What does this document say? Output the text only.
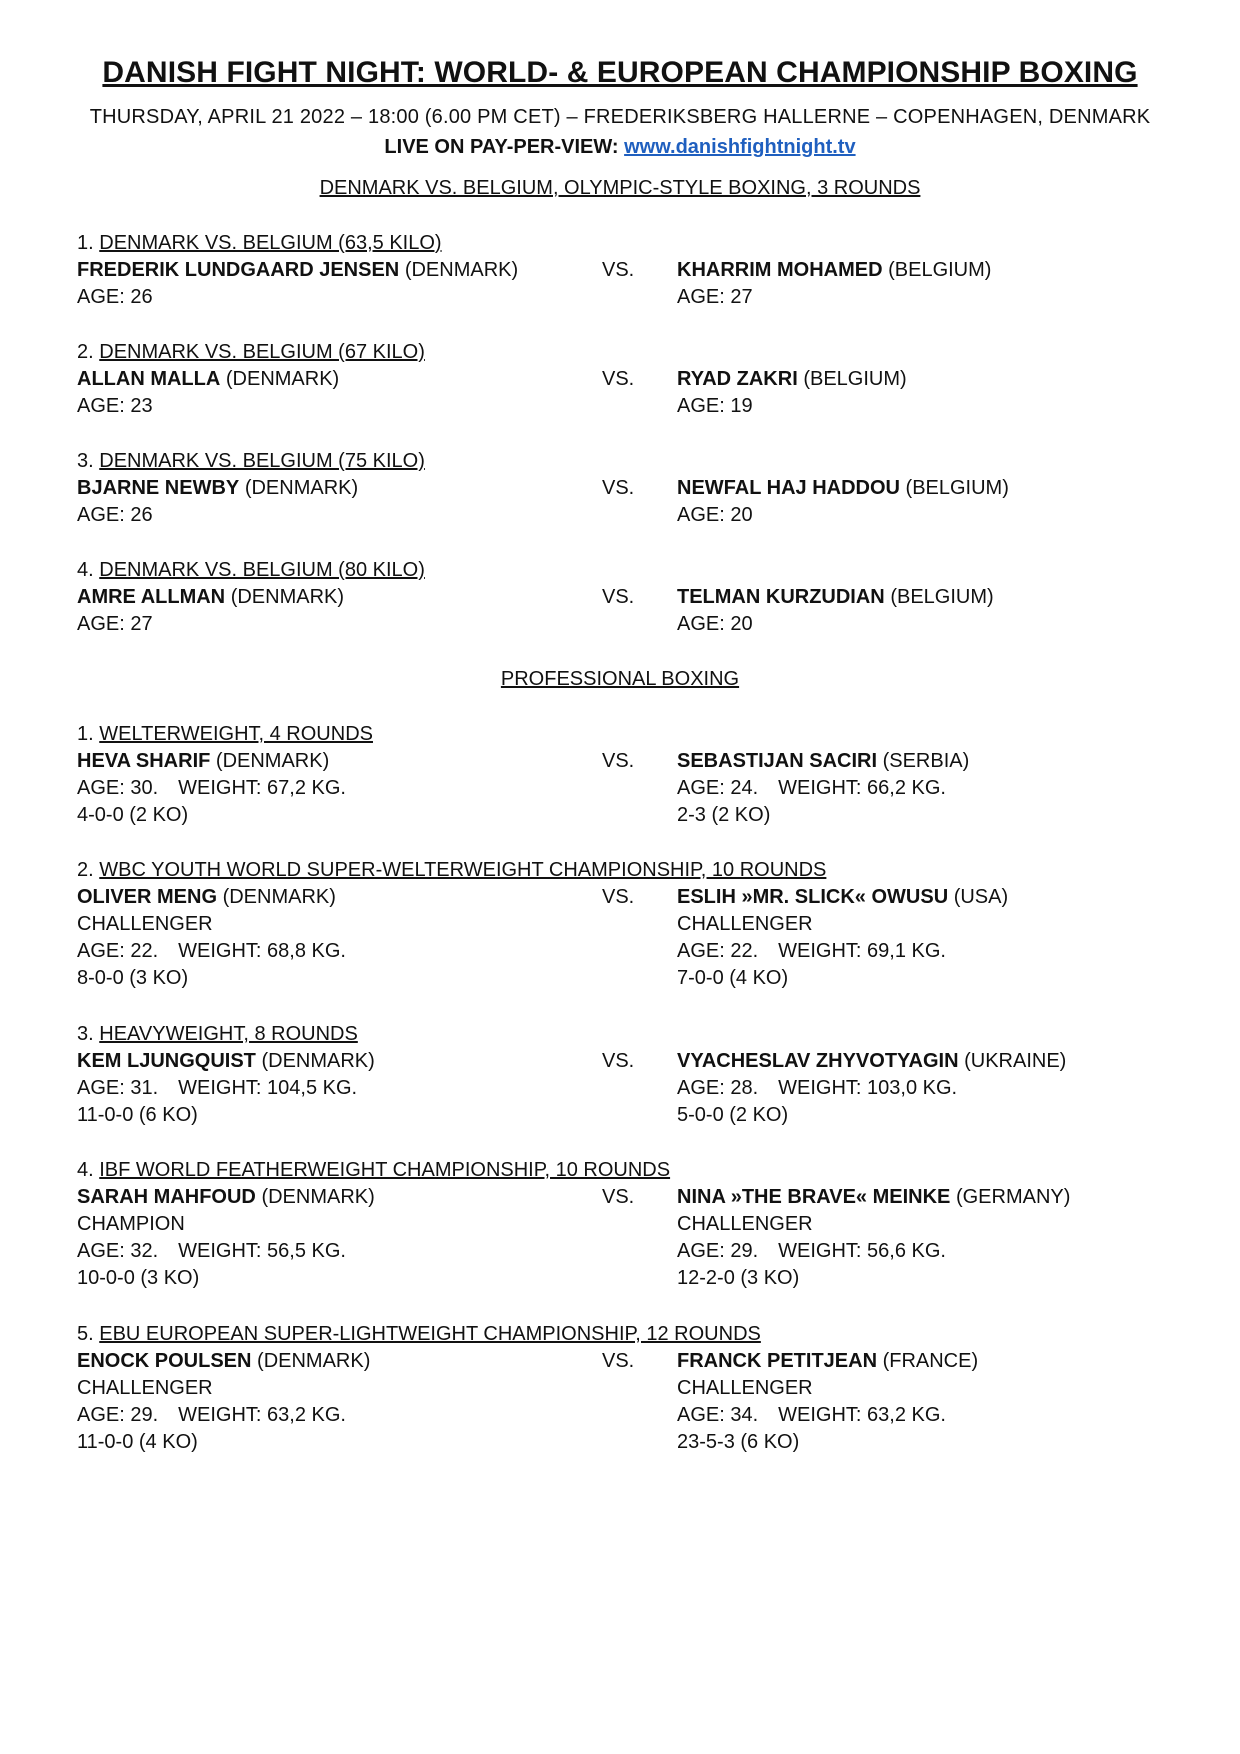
DANISH FIGHT NIGHT: WORLD- & EUROPEAN CHAMPIONSHIP BOXING
THURSDAY, APRIL 21 2022 – 18:00 (6.00 PM CET) – FREDERIKSBERG HALLERNE – COPENHAGEN, DENMARK
LIVE ON PAY-PER-VIEW: www.danishfightnight.tv
DENMARK VS. BELGIUM, OLYMPIC-STYLE BOXING, 3 ROUNDS
1. DENMARK VS. BELGIUM (63,5 KILO)
FREDERIK LUNDGAARD JENSEN (DENMARK)	VS. KHARRIM MOHAMED (BELGIUM)
AGE: 26	AGE: 27
2. DENMARK VS. BELGIUM (67 KILO)
ALLAN MALLA (DENMARK)	VS. RYAD ZAKRI (BELGIUM)
AGE: 23	AGE: 19
3. DENMARK VS. BELGIUM (75 KILO)
BJARNE NEWBY (DENMARK)	VS. NEWFAL HAJ HADDOU (BELGIUM)
AGE: 26	AGE: 20
4. DENMARK VS. BELGIUM (80 KILO)
AMRE ALLMAN (DENMARK)	VS. TELMAN KURZUDIAN (BELGIUM)
AGE: 27	AGE: 20
PROFESSIONAL BOXING
1. WELTERWEIGHT, 4 ROUNDS
HEVA SHARIF (DENMARK)	VS. SEBASTIJAN SACIRI (SERBIA)
AGE: 30. WEIGHT: 67,2 KG.	AGE: 24. WEIGHT: 66,2 KG.
4-0-0 (2 KO)	2-3 (2 KO)
2. WBC YOUTH WORLD SUPER-WELTERWEIGHT CHAMPIONSHIP, 10 ROUNDS
OLIVER MENG (DENMARK)	VS. ESLIH »MR. SLICK« OWUSU (USA)
CHALLENGER	CHALLENGER
AGE: 22. WEIGHT: 68,8 KG.	AGE: 22. WEIGHT: 69,1 KG.
8-0-0 (3 KO)	7-0-0 (4 KO)
3. HEAVYWEIGHT, 8 ROUNDS
KEM LJUNGQUIST (DENMARK)	VS. VYACHESLAV ZHYVOTYAGIN (UKRAINE)
AGE: 31. WEIGHT: 104,5 KG.	AGE: 28. WEIGHT: 103,0 KG.
11-0-0 (6 KO)	5-0-0 (2 KO)
4. IBF WORLD FEATHERWEIGHT CHAMPIONSHIP, 10 ROUNDS
SARAH MAHFOUD (DENMARK)	VS. NINA »THE BRAVE« MEINKE (GERMANY)
CHAMPION	CHALLENGER
AGE: 32. WEIGHT: 56,5 KG.	AGE: 29. WEIGHT: 56,6 KG.
10-0-0 (3 KO)	12-2-0 (3 KO)
5. EBU EUROPEAN SUPER-LIGHTWEIGHT CHAMPIONSHIP, 12 ROUNDS
ENOCK POULSEN (DENMARK)	VS. FRANCK PETITJEAN (FRANCE)
CHALLENGER	CHALLENGER
AGE: 29. WEIGHT: 63,2 KG.	AGE: 34. WEIGHT: 63,2 KG.
11-0-0 (4 KO)	23-5-3 (6 KO)
